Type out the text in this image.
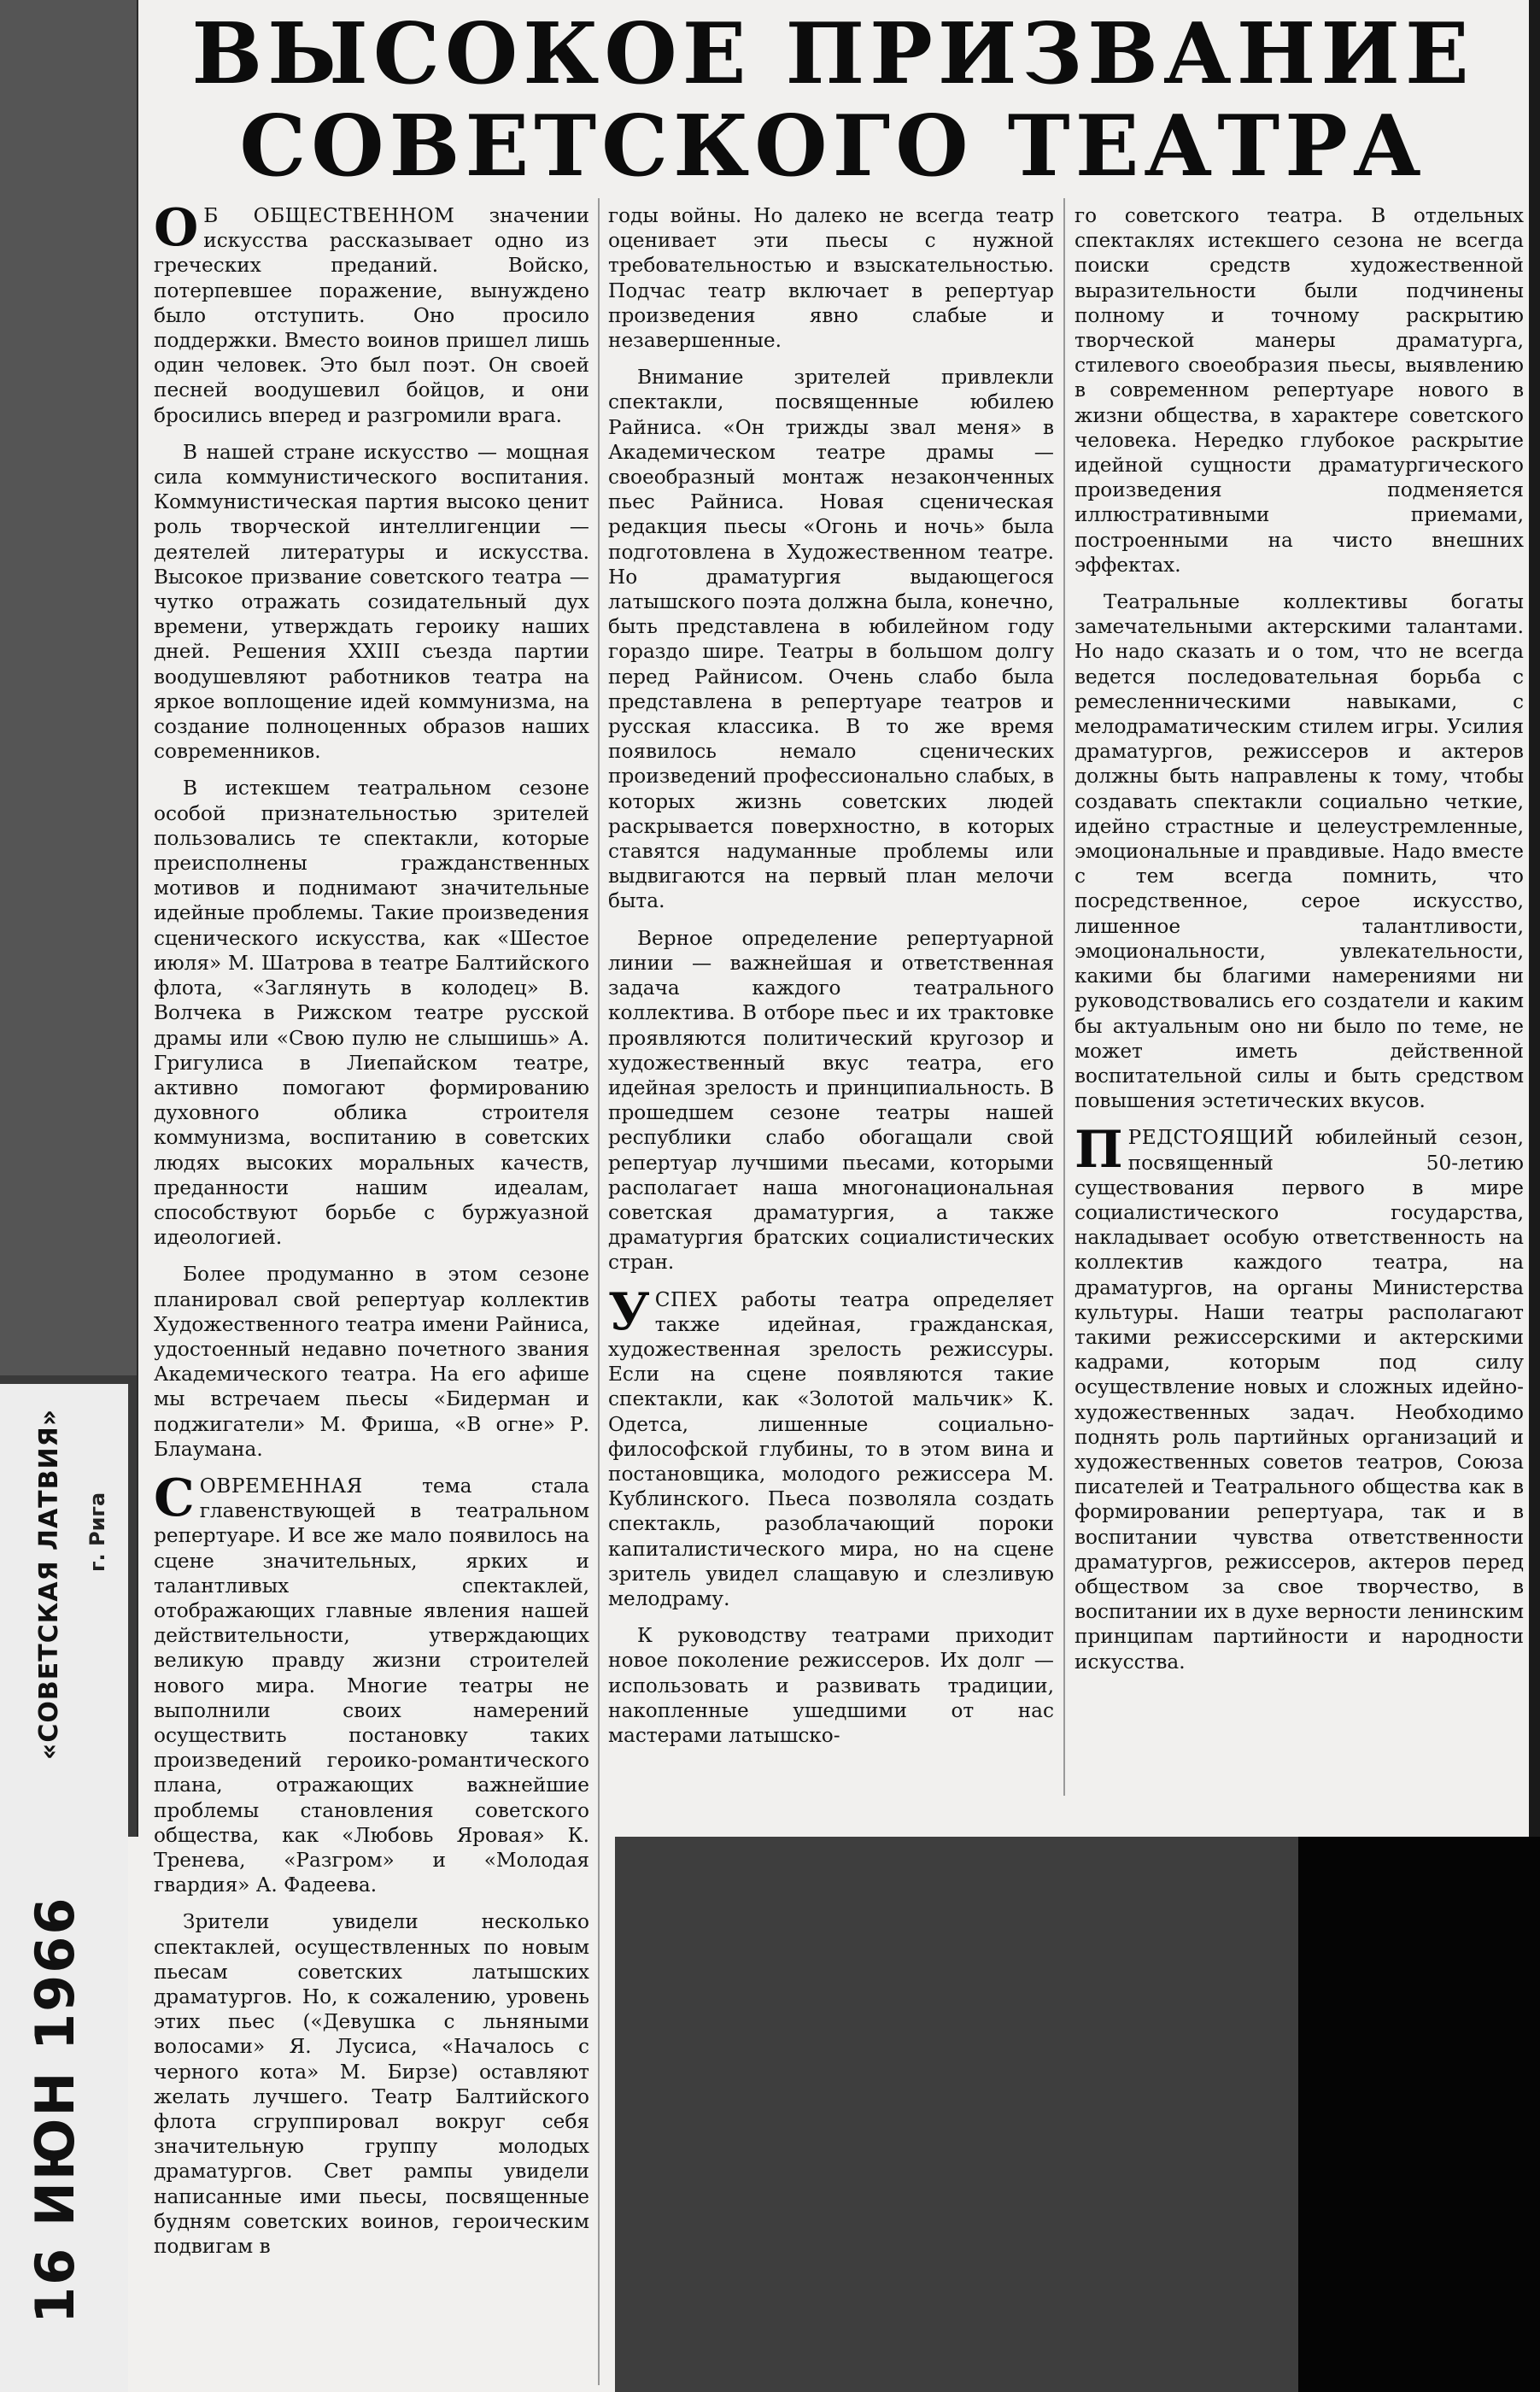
«СОВЕТСКАЯ ЛАТВИЯ»	г. Рига
16 ИЮН 1966
ВЫСОКОЕ ПРИЗВАНИЕ
СОВЕТСКОГО ТЕАТРА

О Б ОБЩЕСТВЕННОМ значении искусства рассказывает одно из греческих преданий. Войско, потерпевшее поражение, вынуждено было отступить. Оно просило поддержки. Вместо воинов пришел лишь один человек. Это был поэт. Он своей песней воодушевил бойцов, и они бросились вперед и разгромили врага.

В нашей стране искусство — мощная сила коммунистического воспитания. Коммунистическая партия высоко ценит роль творческой интеллигенции — деятелей литературы и искусства. Высокое призвание советского театра — чутко отражать созидательный дух времени, утверждать героику наших дней. Решения XXIII съезда партии воодушевляют работников театра на яркое воплощение идей коммунизма, на создание полноценных образов наших современников.

В истекшем театральном сезоне особой признательностью зрителей пользовались те спектакли, которые преисполнены гражданственных мотивов и поднимают значительные идейные проблемы. Такие произведения сценического искусства, как «Шестое июля» М. Шатрова в театре Балтийского флота, «Заглянуть в колодец» В. Волчека в Рижском театре русской драмы или «Свою пулю не слышишь» А. Григулиса в Лиепайском театре, активно помогают формированию духовного облика строителя коммунизма, воспитанию в советских людях высоких моральных качеств, преданности нашим идеалам, способствуют борьбе с буржуазной идеологией.

Более продуманно в этом сезоне планировал свой репертуар коллектив Художественного театра имени Райниса, удостоенный недавно почетного звания Академического театра. На его афише мы встречаем пьесы «Бидерман и поджигатели» М. Фриша, «В огне» Р. Блаумана.

СОВРЕМЕННАЯ тема стала главенствующей в театральном репертуаре. И все же мало появилось на сцене значительных, ярких и талантливых спектаклей, отображающих главные явления нашей действительности, утверждающих великую правду жизни строителей нового мира. Многие театры не выполнили своих намерений осуществить постановку таких произведений героико-романтического плана, отражающих важнейшие проблемы становления советского общества, как «Любовь Яровая» К. Тренева, «Разгром» и «Молодая гвардия» А. Фадеева.

Зрители увидели несколько спектаклей, осуществленных по новым пьесам советских латышских драматургов. Но, к сожалению, уровень этих пьес («Девушка с льняными волосами» Я. Лусиса, «Началось с черного кота» М. Бирзе) оставляют желать лучшего. Театр Балтийского флота сгруппировал вокруг себя значительную группу молодых драматургов. Свет рампы увидели написанные ими пьесы, посвященные будням советских воинов, героическим подвигам в

годы войны. Но далеко не всегда театр оценивает эти пьесы с нужной требовательностью и взыскательностью. Подчас театр включает в репертуар произведения явно слабые и незавершенные.

Внимание зрителей привлекли спектакли, посвященные юбилею Райниса. «Он трижды звал меня» в Академическом театре драмы — своеобразный монтаж незаконченных пьес Райниса. Новая сценическая редакция пьесы «Огонь и ночь» была подготовлена в Художественном театре. Но драматургия выдающегося латышского поэта должна была, конечно, быть представлена в юбилейном году гораздо шире. Театры в большом долгу перед Райнисом. Очень слабо была представлена в репертуаре театров и русская классика. В то же время появилось немало сценических произведений профессионально слабых, в которых жизнь советских людей раскрывается поверхностно, в которых ставятся надуманные проблемы или выдвигаются на первый план мелочи быта.

Верное определение репертуарной линии — важнейшая и ответственная задача каждого театрального коллектива. В отборе пьес и их трактовке проявляются политический кругозор и художественный вкус театра, его идейная зрелость и принципиальность. В прошедшем сезоне театры нашей республики слабо обогащали свой репертуар лучшими пьесами, которыми располагает наша многонациональная советская драматургия, а также драматургия братских социалистических стран.

УСПЕХ работы театра определяет также идейная, гражданская, художественная зрелость режиссуры. Если на сцене появляются такие спектакли, как «Золотой мальчик» К. Одетса, лишенные социально-философской глубины, то в этом вина и постановщика, молодого режиссера М. Кублинского. Пьеса позволяла создать спектакль, разоблачающий пороки капиталистического мира, но на сцене зритель увидел слащавую и слезливую мелодраму.

К руководству театрами приходит новое поколение режиссеров. Их долг — использовать и развивать традиции, накопленные ушедшими от нас мастерами латышско-

го советского театра. В отдельных спектаклях истекшего сезона не всегда поиски средств художественной выразительности были подчинены полному и точному раскрытию творческой манеры драматурга, стилевого своеобразия пьесы, выявлению в современном репертуаре нового в жизни общества, в характере советского человека. Нередко глубокое раскрытие идейной сущности драматургического произведения подменяется иллюстративными приемами, построенными на чисто внешних эффектах.

Театральные коллективы богаты замечательными актерскими талантами. Но надо сказать и о том, что не всегда ведется последовательная борьба с ремесленническими навыками, с мелодраматическим стилем игры. Усилия драматургов, режиссеров и актеров должны быть направлены к тому, чтобы создавать спектакли социально четкие, идейно страстные и целеустремленные, эмоциональные и правдивые. Надо вместе с тем всегда помнить, что посредственное, серое искусство, лишенное талантливости, эмоциональности, увлекательности, какими бы благими намерениями ни руководствовались его создатели и каким бы актуальным оно ни было по теме, не может иметь действенной воспитательной силы и быть средством повышения эстетических вкусов.

ПРЕДСТОЯЩИЙ юбилейный сезон, посвященный 50-летию существования первого в мире социалистического государства, накладывает особую ответственность на коллектив каждого театра, на драматургов, на органы Министерства культуры. Наши театры располагают такими режиссерскими и актерскими кадрами, которым под силу осуществление новых и сложных идейно-художественных задач. Необходимо поднять роль партийных организаций и художественных советов театров, Союза писателей и Театрального общества как в формировании репертуара, так и в воспитании чувства ответственности драматургов, режиссеров, актеров перед обществом за свое творчество, в воспитании их в духе верности ленинским принципам партийности и народности искусства.
